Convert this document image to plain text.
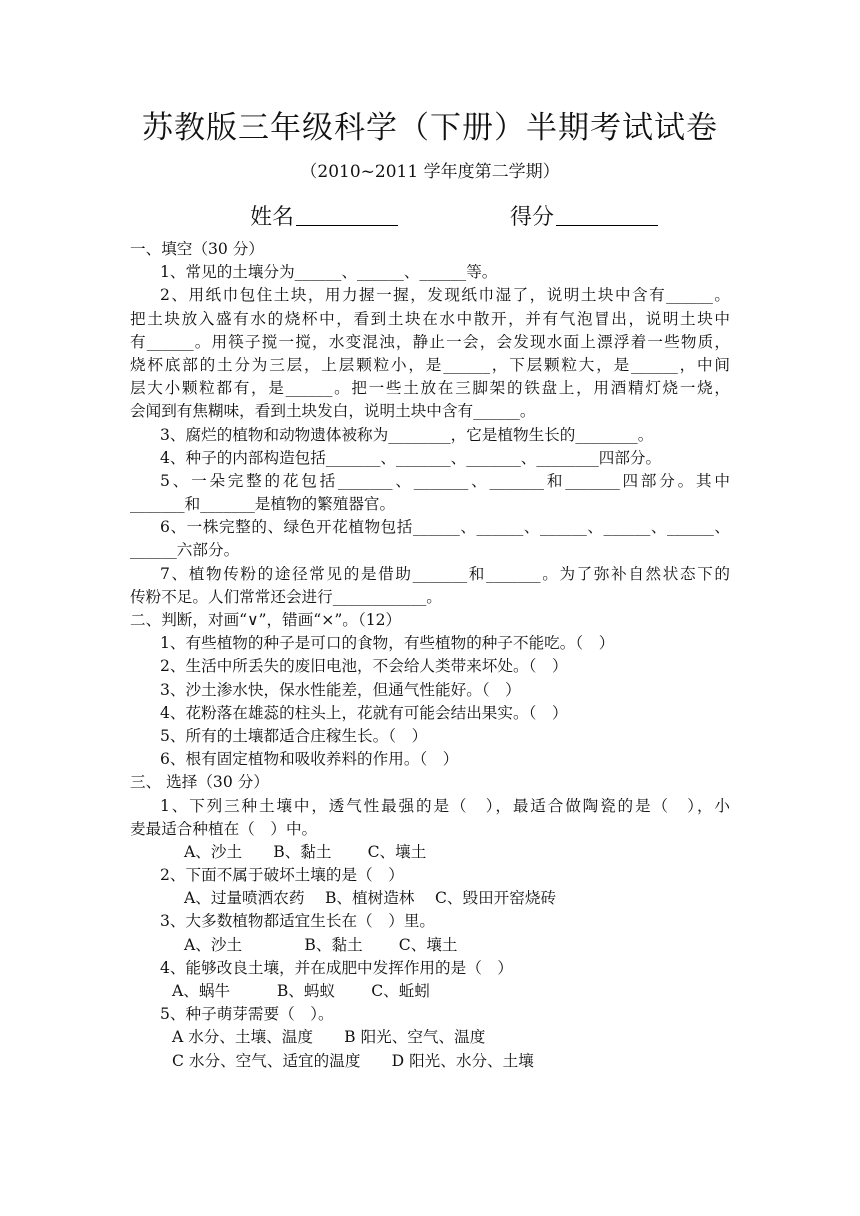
苏教版三年级科学（下册）半期考试试卷
（2010~2011 学年度第二学期）
姓名	得分
一、填空（30 分）
1、常见的土壤分为______、______、______等。
2、用纸巾包住土块，用力握一握，发现纸巾湿了，说明土块中含有______。
把土块放入盛有水的烧杯中，看到土块在水中散开，并有气泡冒出，说明土块中
有______。用筷子搅一搅，水变混浊，静止一会，会发现水面上漂浮着一些物质，
烧杯底部的土分为三层，上层颗粒小，是______，下层颗粒大，是______，中间
层大小颗粒都有，是______。把一些土放在三脚架的铁盘上，用酒精灯烧一烧，
会闻到有焦糊味，看到土块发白，说明土块中含有______。
3、腐烂的植物和动物遗体被称为________，它是植物生长的________。
4、种子的内部构造包括_______、_______、_______、________四部分。
5、一朵完整的花包括_______、_______、_______和_______四部分。其中
_______和_______是植物的繁殖器官。
6、一株完整的、绿色开花植物包括______、______、______、______、______、
______六部分。
7、植物传粉的途径常见的是借助_______和_______。为了弥补自然状态下的
传粉不足。人们常常还会进行____________。
二、判断，对画“∨”，错画“×”。（12）
1、有些植物的种子是可口的食物，有些植物的种子不能吃。（　）
2、生活中所丢失的废旧电池，不会给人类带来坏处。（　）
3、沙土渗水快，保水性能差，但通气性能好。（　）
4、花粉落在雄蕊的柱头上，花就有可能会结出果实。（　）
5、所有的土壤都适合庄稼生长。（　）
6、根有固定植物和吸收养料的作用。（　）
三、 选择（30 分）
1、下列三种土壤中，透气性最强的是（　），最适合做陶瓷的是（　），小
麦最适合种植在（　）中。
A、沙土　　B、黏土　　 C、壤土
2、下面不属于破坏土壤的是（　）
A、过量喷洒农药　 B、植树造林　 C、毁田开窑烧砖
3、大多数植物都适宜生长在（　）里。
A、沙土　　　　B、黏土　　 C、壤土
4、能够改良土壤，并在成肥中发挥作用的是（　）
A、蜗牛　　　B、蚂蚁　　 C、蚯蚓
5、种子萌芽需要（　）。
A 水分、土壤、温度　　B 阳光、空气、温度
C 水分、空气、适宜的温度　　D 阳光、水分、土壤
